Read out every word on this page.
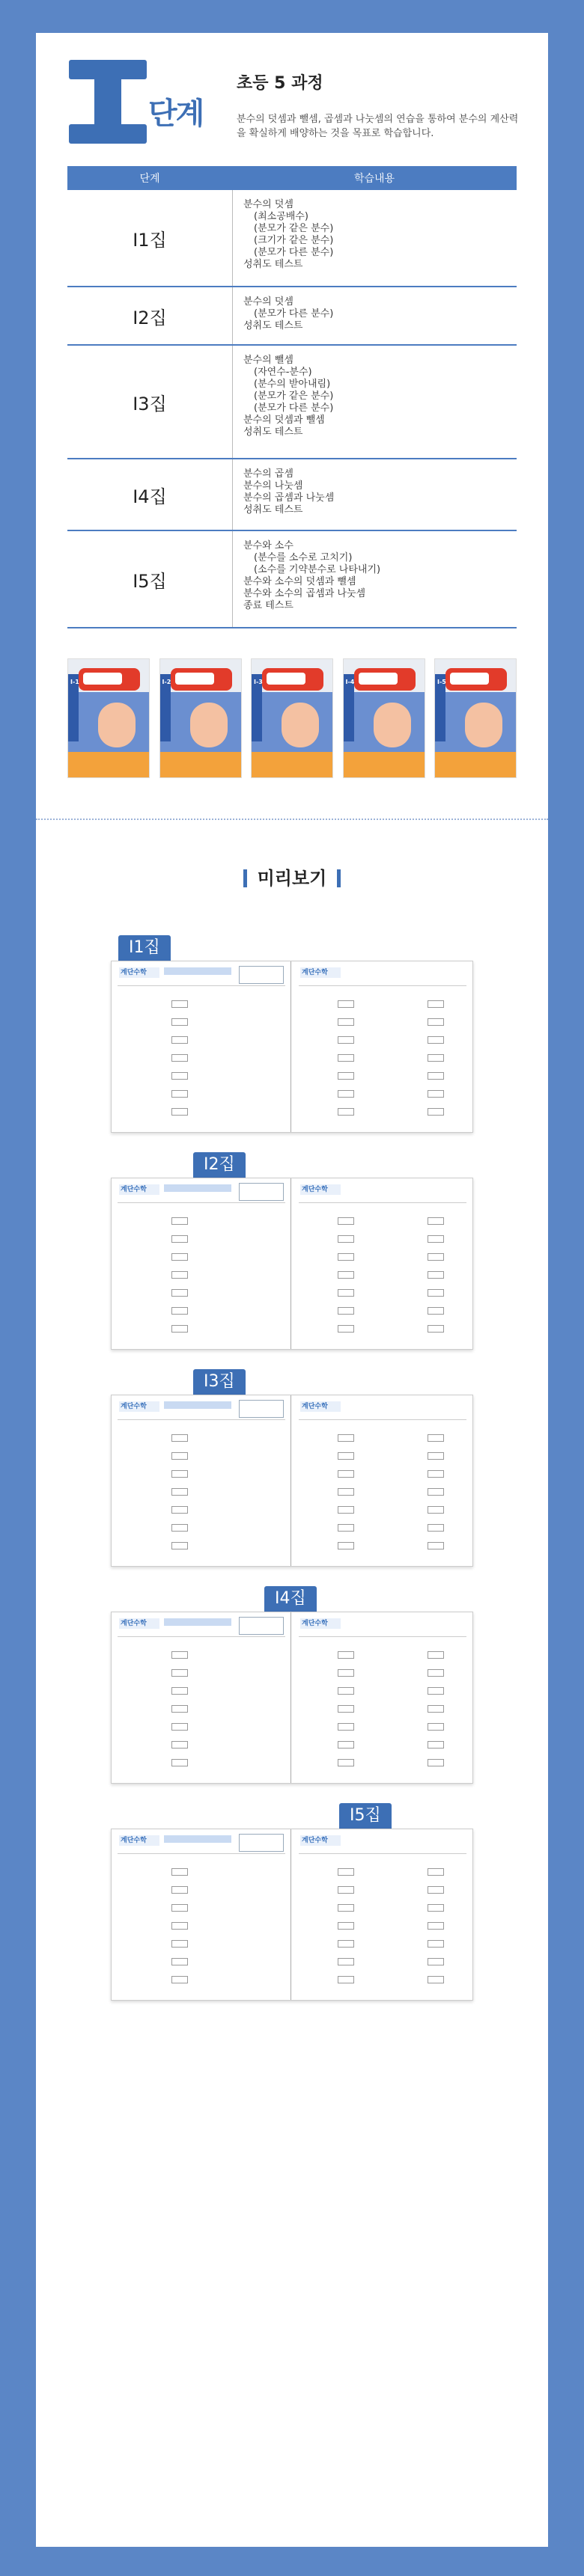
단계
초등 5 과정
분수의 덧셈과 뺄셈, 곱셈과 나눗셈의 연습을 통하여 분수의 계산력을 확실하게 배양하는 것을 목표로 학습합니다.
단계	학습내용
I1집
분수의 덧셈
(최소공배수)
(분모가 같은 분수)
(크기가 같은 분수)
(분모가 다른 분수)
성취도 테스트
I2집
분수의 덧셈
(분모가 다른 분수)
성취도 테스트
I3집
분수의 뺄셈
(자연수-분수)
(분수의 받아내림)
(분모가 같은 분수)
(분모가 다른 분수)
분수의 덧셈과 뺄셈
성취도 테스트
I4집
분수의 곱셈
분수의 나눗셈
분수의 곱셈과 나눗셈
성취도 테스트
I5집
분수와 소수
(분수를 소수로 고치기)
(소수를 기약분수로 나타내기)
분수와 소수의 덧셈과 뺄셈
분수와 소수의 곱셈과 나눗셈
종료 테스트
I-1	I-2	I-3	I-4	I-5
미리보기
I1집
계단수학	계단수학
I2집
계단수학	계단수학
I3집
계단수학	계단수학
I4집
계단수학	계단수학
I5집
계단수학	계단수학
